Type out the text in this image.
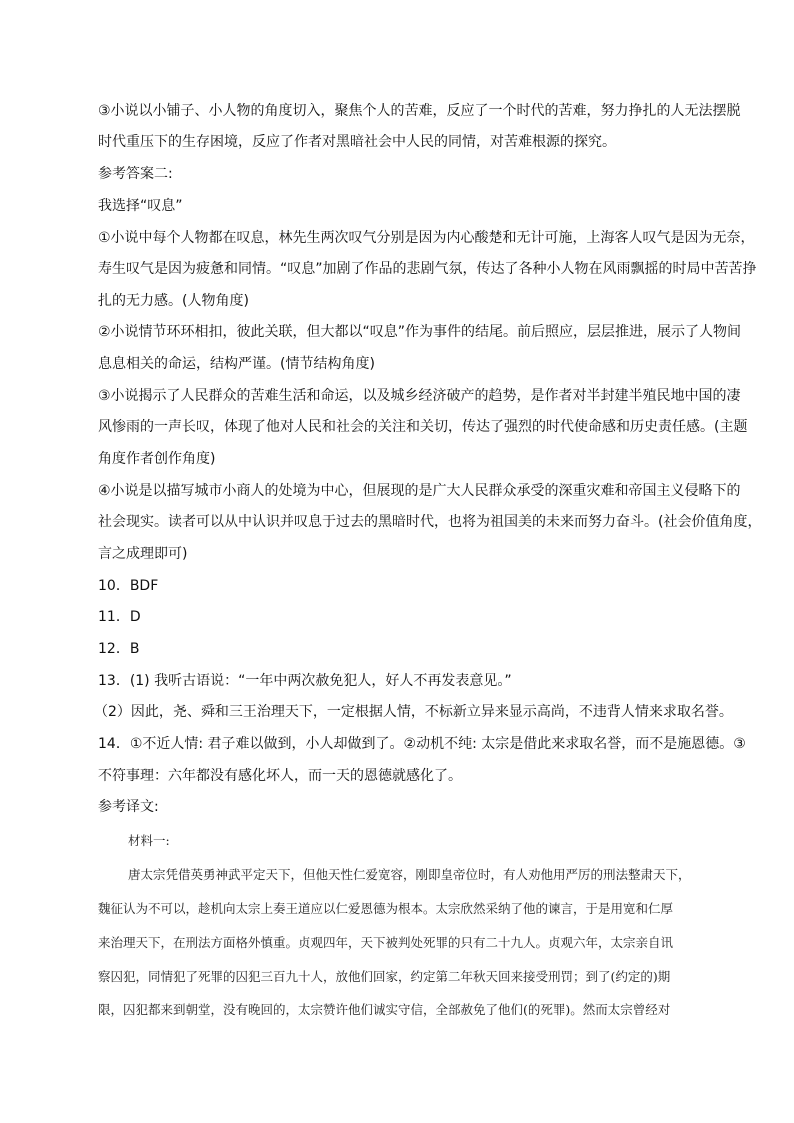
③小说以小铺子、小人物的角度切入，聚焦个人的苦难，反应了一个时代的苦难，努力挣扎的人无法摆脱
时代重压下的生存困境，反应了作者对黑暗社会中人民的同情，对苦难根源的探究。
参考答案二:
我选择“叹息”
①小说中每个人物都在叹息，林先生两次叹气分别是因为内心酸楚和无计可施，上海客人叹气是因为无奈，
寿生叹气是因为疲惫和同情。“叹息”加剧了作品的悲剧气氛，传达了各种小人物在风雨飘摇的时局中苦苦挣
扎的无力感。(人物角度)
②小说情节环环相扣，彼此关联，但大都以“叹息”作为事件的结尾。前后照应，层层推进，展示了人物间
息息相关的命运，结构严谨。(情节结构角度)
③小说揭示了人民群众的苦难生活和命运，以及城乡经济破产的趋势，是作者对半封建半殖民地中国的凄
风惨雨的一声长叹，体现了他对人民和社会的关注和关切，传达了强烈的时代使命感和历史责任感。(主题
角度作者创作角度)
④小说是以描写城市小商人的处境为中心，但展现的是广大人民群众承受的深重灾难和帝国主义侵略下的
社会现实。读者可以从中认识并叹息于过去的黑暗时代，也将为祖国美的未来而努力奋斗。(社会价值角度，
言之成理即可)
10．BDF
11．D
12．B
13．(1) 我听古语说：“一年中两次赦免犯人，好人不再发表意见。”
（2）因此，尧、舜和三王治理天下，一定根据人情，不标新立异来显示高尚，不违背人情来求取名誉。
14．①不近人情: 君子难以做到，小人却做到了。②动机不纯: 太宗是借此来求取名誉，而不是施恩德。③
不符事理：六年都没有感化坏人，而一天的恩德就感化了。
参考译文:
材料一:
唐太宗凭借英勇神武平定天下，但他天性仁爱宽容，刚即皇帝位时，有人劝他用严厉的刑法整肃天下，
魏征认为不可以，趁机向太宗上奏王道应以仁爱恩德为根本。太宗欣然采纳了他的谏言，于是用宽和仁厚
来治理天下，在刑法方面格外慎重。贞观四年，天下被判处死罪的只有二十九人。贞观六年，太宗亲自讯
察囚犯，同情犯了死罪的囚犯三百九十人，放他们回家，约定第二年秋天回来接受刑罚；到了(约定的)期
限，囚犯都来到朝堂，没有晚回的，太宗赞许他们诚实守信，全部赦免了他们(的死罪)。然而太宗曾经对
